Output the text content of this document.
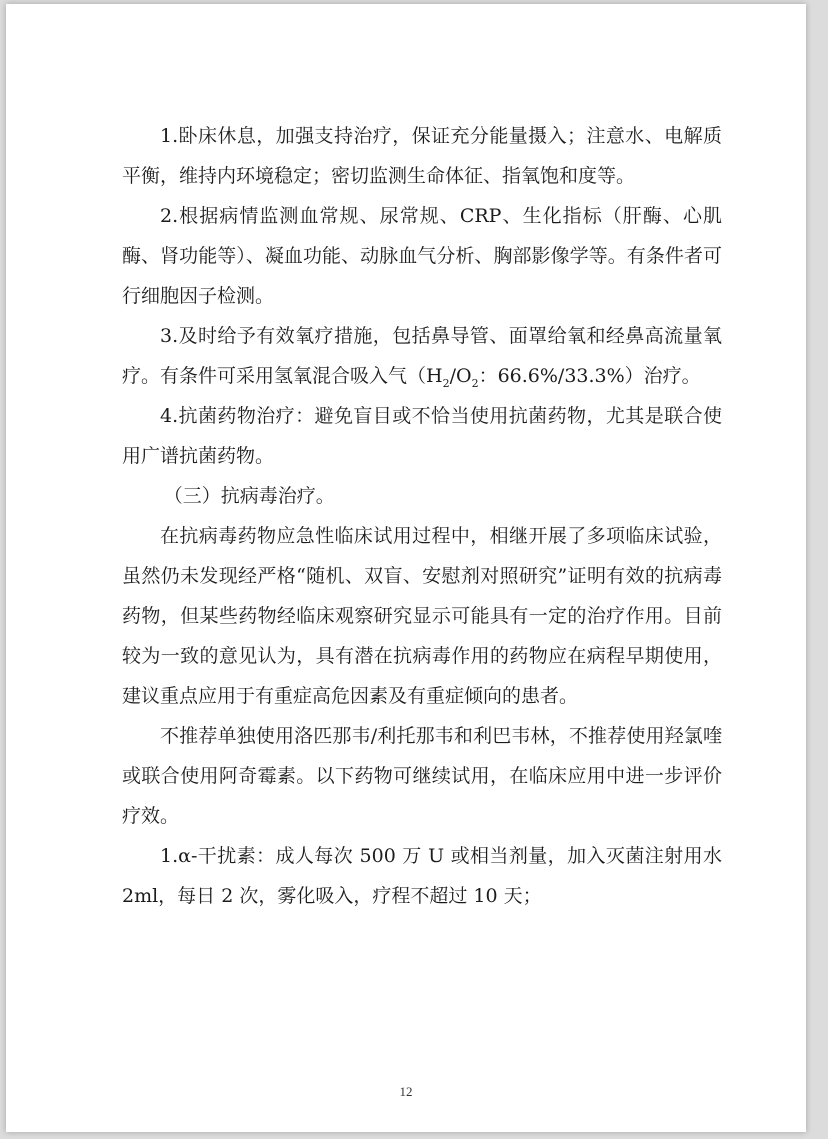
1.卧床休息，加强支持治疗，保证充分能量摄入；注意水、电解质平衡，维持内环境稳定；密切监测生命体征、指氧饱和度等。

2.根据病情监测血常规、尿常规、CRP、生化指标（肝酶、心肌酶、肾功能等）、凝血功能、动脉血气分析、胸部影像学等。有条件者可行细胞因子检测。

3.及时给予有效氧疗措施，包括鼻导管、面罩给氧和经鼻高流量氧疗。有条件可采用氢氧混合吸入气（$H_2/O_2$：66.6%/33.3%）治疗。

4.抗菌药物治疗：避免盲目或不恰当使用抗菌药物，尤其是联合使用广谱抗菌药物。

（三）抗病毒治疗。

在抗病毒药物应急性临床试用过程中，相继开展了多项临床试验，虽然仍未发现经严格“随机、双盲、安慰剂对照研究”证明有效的抗病毒药物，但某些药物经临床观察研究显示可能具有一定的治疗作用。目前较为一致的意见认为，具有潜在抗病毒作用的药物应在病程早期使用，建议重点应用于有重症高危因素及有重症倾向的患者。

不推荐单独使用洛匹那韦/利托那韦和利巴韦林，不推荐使用羟氯喹或联合使用阿奇霉素。以下药物可继续试用，在临床应用中进一步评价疗效。

1.α-干扰素：成人每次 500 万 U 或相当剂量，加入灭菌注射用水 2ml，每日 2 次，雾化吸入，疗程不超过 10 天；

12
